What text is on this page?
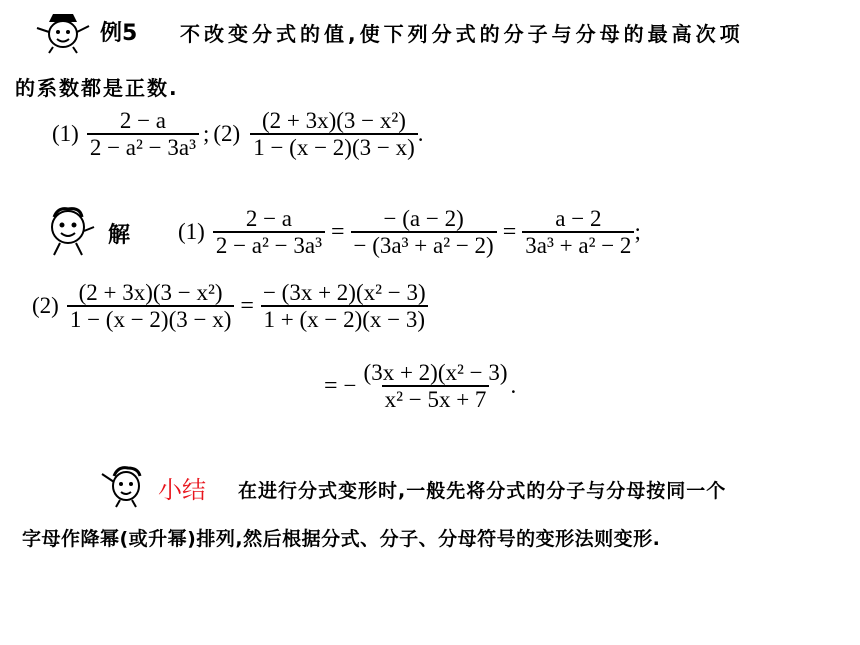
例5 不改变分式的值,使下列分式的分子与分母的最高次项
的系数都是正数.
$(1) \frac{2 - a}{\text{2 − a² − 3a³}}$ ; $(2) \frac{\text{(2 + 3x)(3 − x²)}}{1 - (x - 2)(3 - x)}$ .
解 $(1) \frac{2 - a}{\text{2 − a² − 3a³}} = \frac{- (a - 2)}{\text{− (3a³ + a² − 2)}} = \frac{a - 2}{\text{3a³ + a² − 2}}$ ;
$(2) \frac{\text{(2 + 3x)(3 − x²)}}{1 - (x - 2)(3 - x)} = \frac{\text{− (3x + 2)(x² − 3)}}{1 + (x - 2)(x - 3)}$
= − $\frac{\text{(3x + 2)(x² − 3)}}{\text{x² − 5x + 7}}$ .
小结 在进行分式变形时,一般先将分式的分子与分母按同一个
字母作降幂(或升幂)排列,然后根据分式、分子、分母符号的变形法则变形.
